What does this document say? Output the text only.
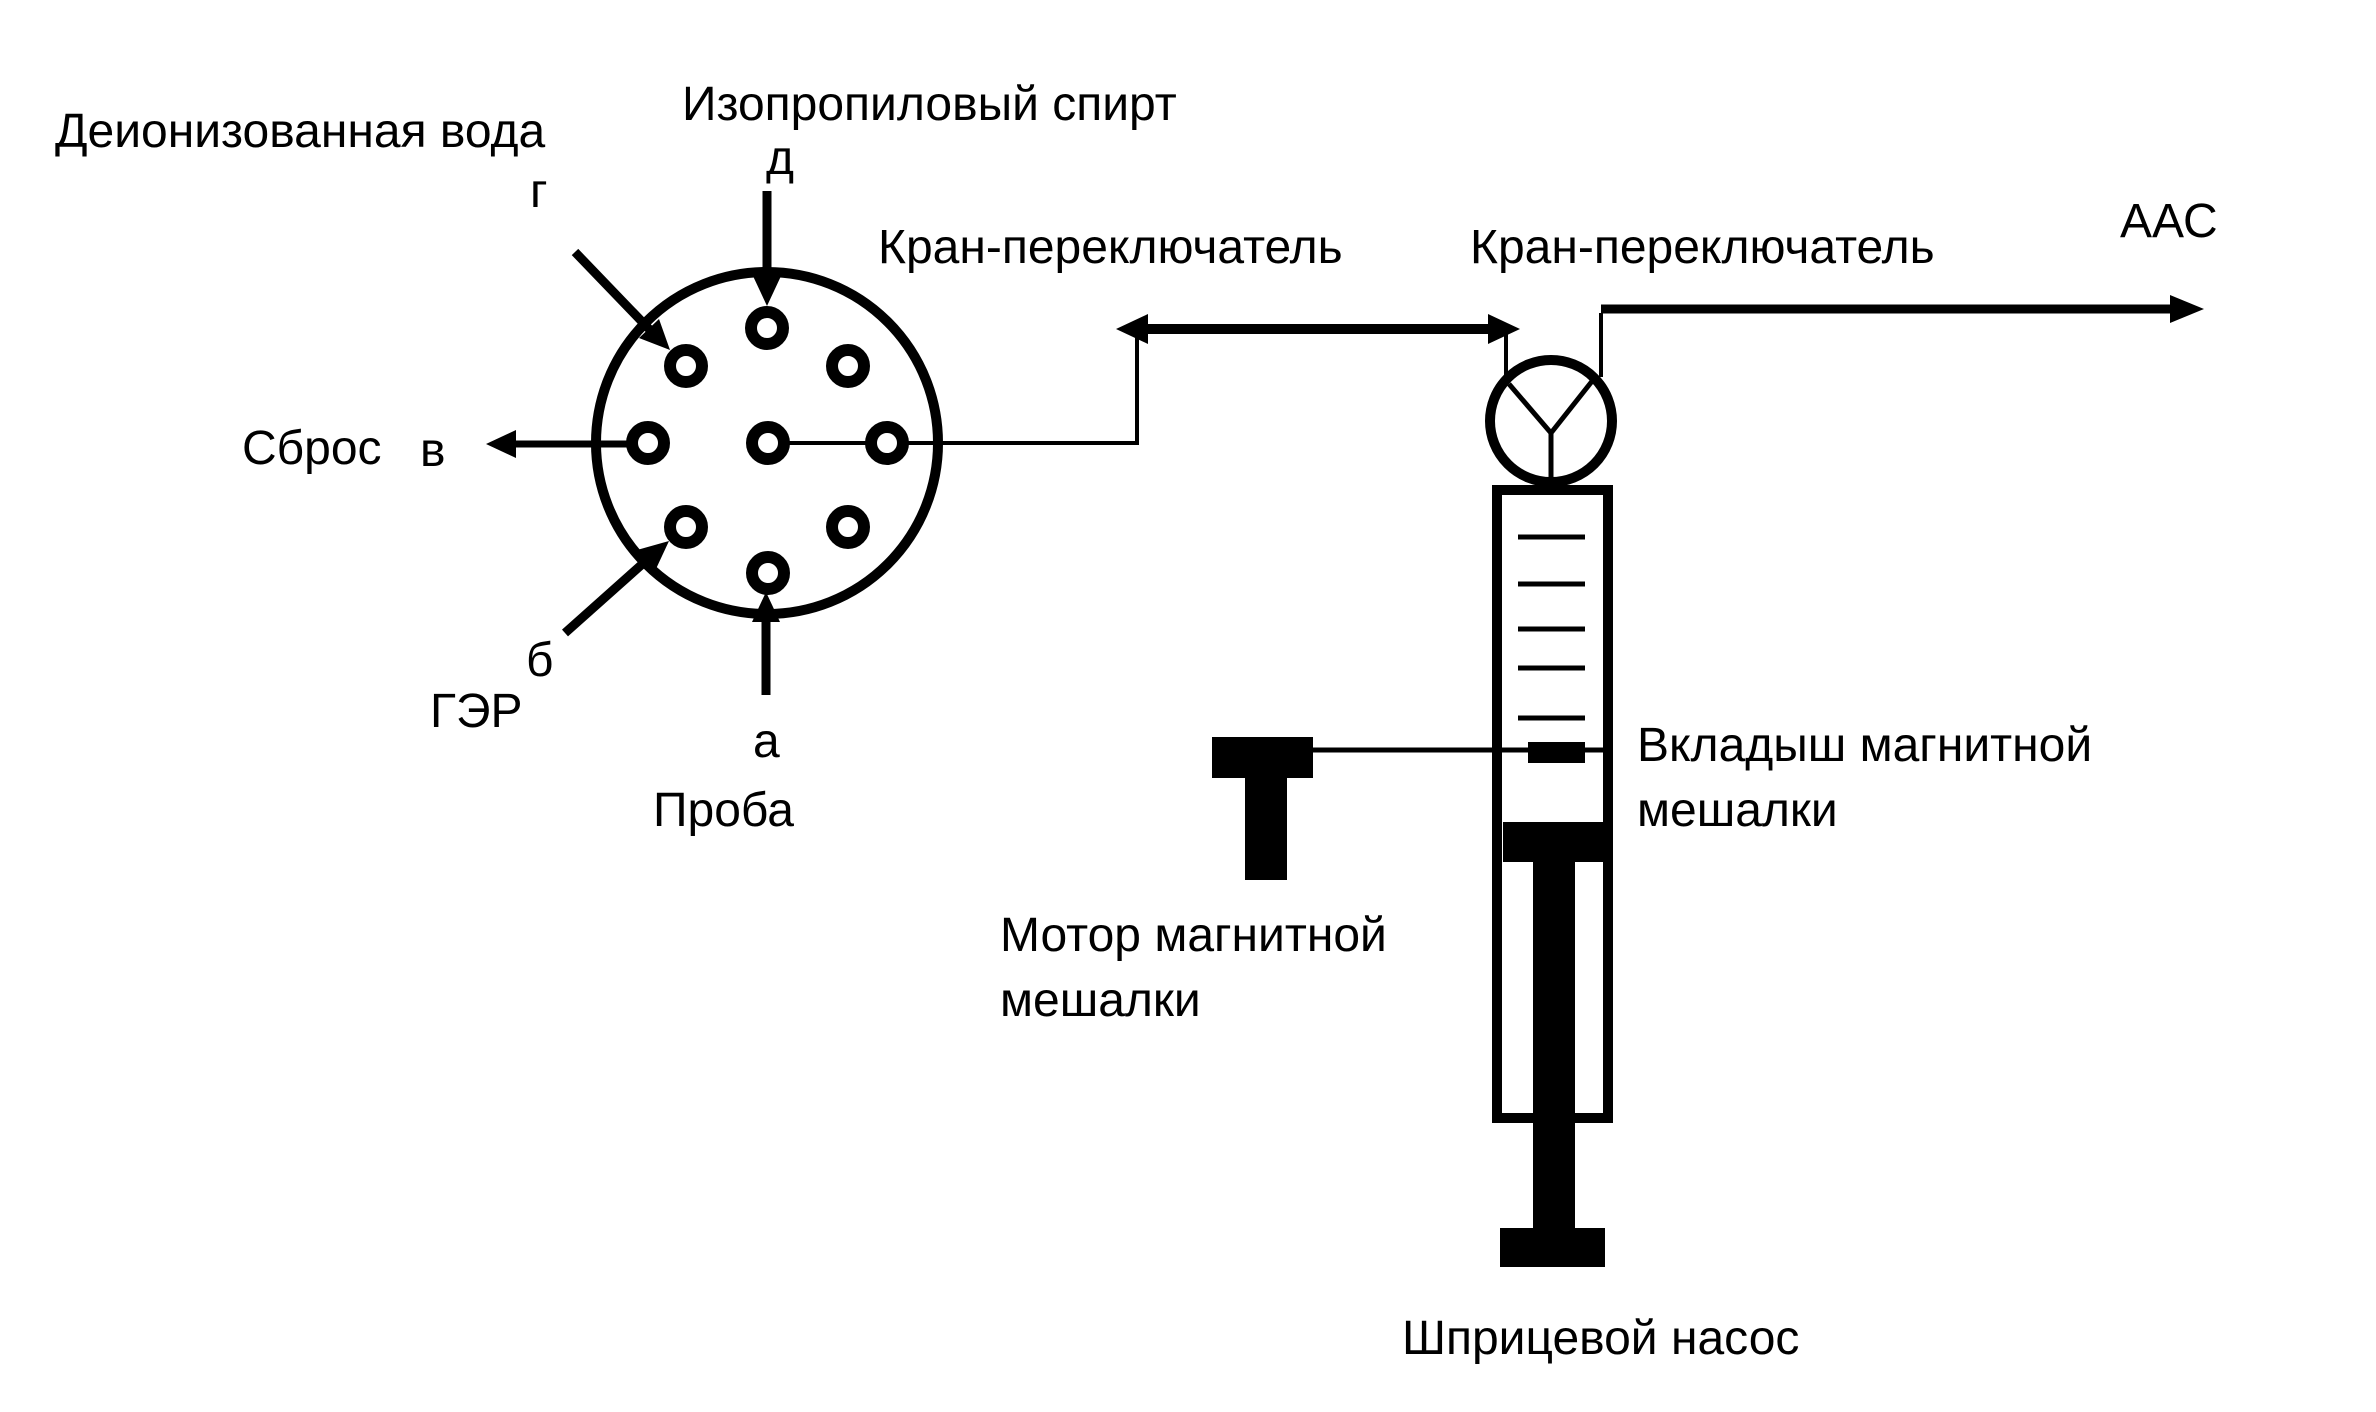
Деионизованная вода
Изопропиловый спирт
д
г
Кран-переключатель	Кран-переключатель	ААС
Сброс в
б
ГЭР
а
Проба
Вкладыш магнитной мешалки
Мотор магнитной мешалки
Шприцевой насос
